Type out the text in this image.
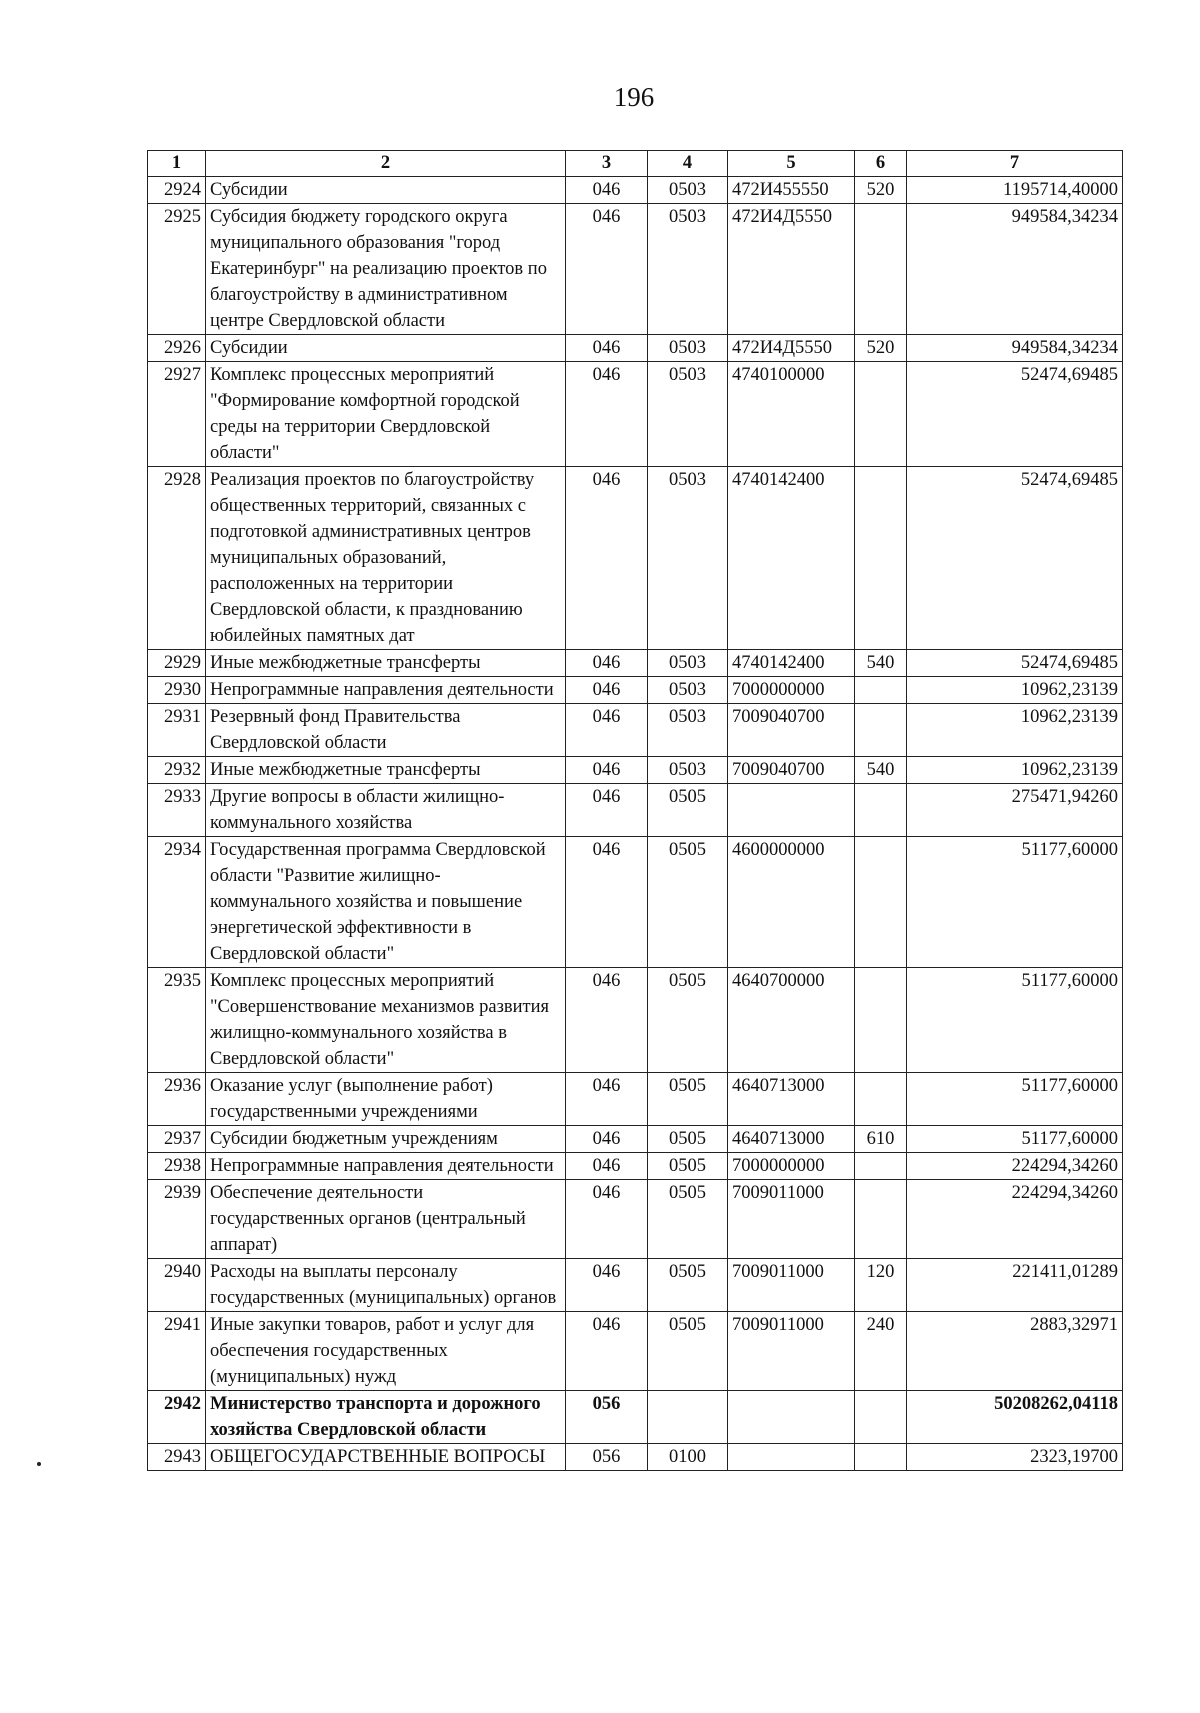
196
1	2	3	4	5	6	7
2924	Субсидии	046	0503	472И455550	520	1195714,40000
2925	Субсидия бюджету городского округа муниципального образования "город Екатеринбург" на реализацию проектов по благоустройству в административном центре Свердловской области	046	0503	472И4Д5550		949584,34234
2926	Субсидии	046	0503	472И4Д5550	520	949584,34234
2927	Комплекс процессных мероприятий "Формирование комфортной городской среды на территории Свердловской области"	046	0503	4740100000		52474,69485
2928	Реализация проектов по благоустройству общественных территорий, связанных с подготовкой административных центров муниципальных образований, расположенных на территории Свердловской области, к празднованию юбилейных памятных дат	046	0503	4740142400		52474,69485
2929	Иные межбюджетные трансферты	046	0503	4740142400	540	52474,69485
2930	Непрограммные направления деятельности	046	0503	7000000000		10962,23139
2931	Резервный фонд Правительства Свердловской области	046	0503	7009040700		10962,23139
2932	Иные межбюджетные трансферты	046	0503	7009040700	540	10962,23139
2933	Другие вопросы в области жилищно-коммунального хозяйства	046	0505			275471,94260
2934	Государственная программа Свердловской области "Развитие жилищно-коммунального хозяйства и повышение энергетической эффективности в Свердловской области"	046	0505	4600000000		51177,60000
2935	Комплекс процессных мероприятий "Совершенствование механизмов развития жилищно-коммунального хозяйства в Свердловской области"	046	0505	4640700000		51177,60000
2936	Оказание услуг (выполнение работ) государственными учреждениями	046	0505	4640713000		51177,60000
2937	Субсидии бюджетным учреждениям	046	0505	4640713000	610	51177,60000
2938	Непрограммные направления деятельности	046	0505	7000000000		224294,34260
2939	Обеспечение деятельности государственных органов (центральный аппарат)	046	0505	7009011000		224294,34260
2940	Расходы на выплаты персоналу государственных (муниципальных) органов	046	0505	7009011000	120	221411,01289
2941	Иные закупки товаров, работ и услуг для обеспечения государственных (муниципальных) нужд	046	0505	7009011000	240	2883,32971
2942	Министерство транспорта и дорожного хозяйства Свердловской области	056				50208262,04118
2943	ОБЩЕГОСУДАРСТВЕННЫЕ ВОПРОСЫ	056	0100			2323,19700
